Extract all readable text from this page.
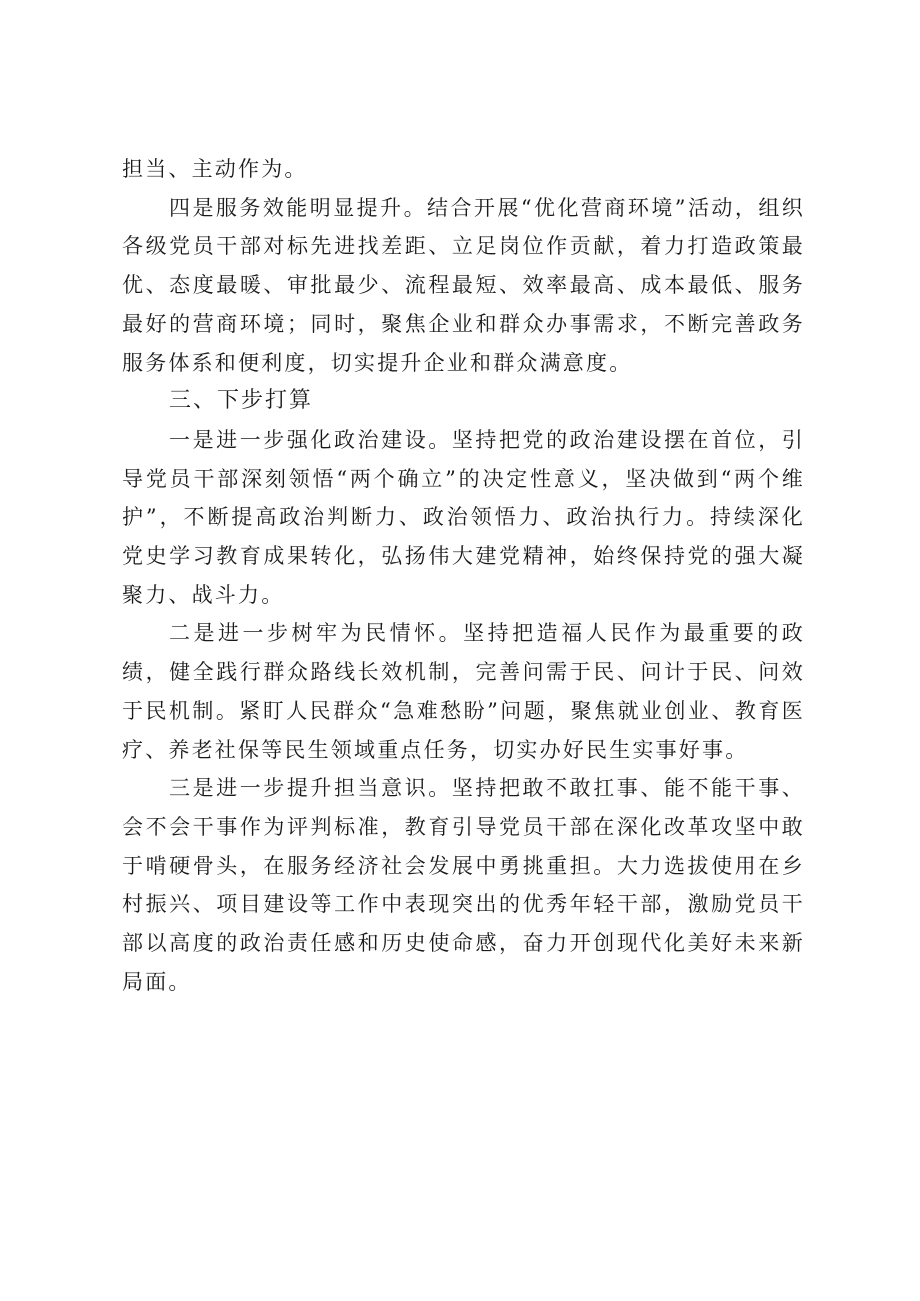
担当、主动作为。

四是服务效能明显提升。结合开展“优化营商环境”活动，组织各级党员干部对标先进找差距、立足岗位作贡献，着力打造政策最优、态度最暖、审批最少、流程最短、效率最高、成本最低、服务最好的营商环境；同时，聚焦企业和群众办事需求，不断完善政务服务体系和便利度，切实提升企业和群众满意度。

三、下步打算

一是进一步强化政治建设。坚持把党的政治建设摆在首位，引导党员干部深刻领悟“两个确立”的决定性意义，坚决做到“两个维护”，不断提高政治判断力、政治领悟力、政治执行力。持续深化党史学习教育成果转化，弘扬伟大建党精神，始终保持党的强大凝聚力、战斗力。

二是进一步树牢为民情怀。坚持把造福人民作为最重要的政绩，健全践行群众路线长效机制，完善问需于民、问计于民、问效于民机制。紧盯人民群众“急难愁盼”问题，聚焦就业创业、教育医疗、养老社保等民生领域重点任务，切实办好民生实事好事。

三是进一步提升担当意识。坚持把敢不敢扛事、能不能干事、会不会干事作为评判标准，教育引导党员干部在深化改革攻坚中敢于啃硬骨头，在服务经济社会发展中勇挑重担。大力选拔使用在乡村振兴、项目建设等工作中表现突出的优秀年轻干部，激励党员干部以高度的政治责任感和历史使命感，奋力开创现代化美好未来新局面。
